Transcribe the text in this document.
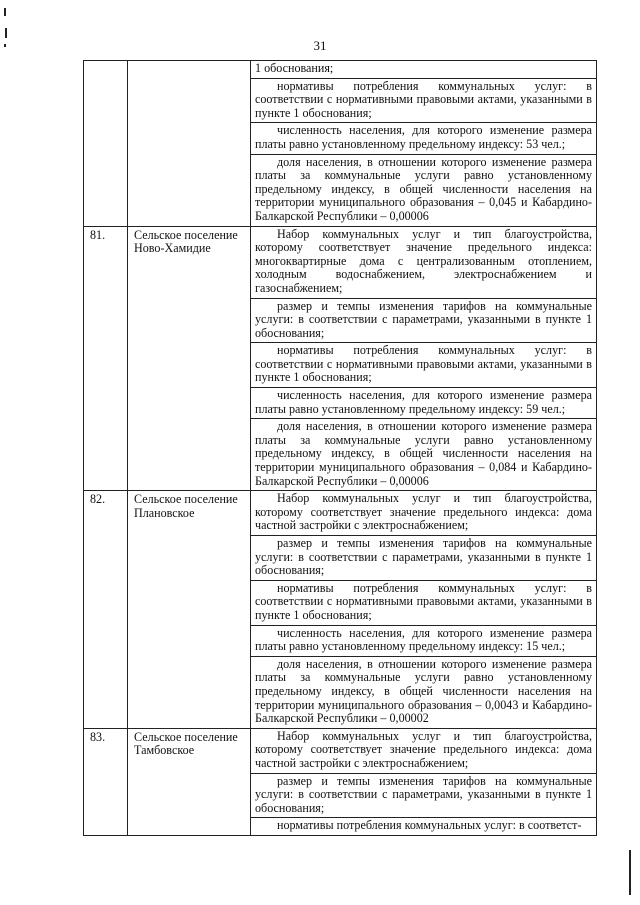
31

		1 обоснования;
нормативы потребления коммунальных услуг: в соответствии с нормативными правовыми актами, указанными в пункте 1 обоснования;
численность населения, для которого изменение размера платы равно установленному предельному индексу: 53 чел.;
доля населения, в отношении которого изменение размера платы за коммунальные услуги равно установленному предельному индексу, в общей численности населения на территории муниципального образования – 0,045 и Кабардино-Балкарской Республики – 0,00006

81.	Сельское поселение Ново-Хамидие	Набор коммунальных услуг и тип благоустройства, которому соответствует значение предельного индекса: многоквартирные дома с централизованным отоплением, холодным водоснабжением, электроснабжением и газоснабжением;
размер и темпы изменения тарифов на коммунальные услуги: в соответствии с параметрами, указанными в пункте 1 обоснования;
нормативы потребления коммунальных услуг: в соответствии с нормативными правовыми актами, указанными в пункте 1 обоснования;
численность населения, для которого изменение размера платы равно установленному предельному индексу: 59 чел.;
доля населения, в отношении которого изменение размера платы за коммунальные услуги равно установленному предельному индексу, в общей численности населения на территории муниципального образования – 0,084 и Кабардино-Балкарской Республики – 0,00006

82.	Сельское поселение Плановское	Набор коммунальных услуг и тип благоустройства, которому соответствует значение предельного индекса: дома частной застройки с электроснабжением;
размер и темпы изменения тарифов на коммунальные услуги: в соответствии с параметрами, указанными в пункте 1 обоснования;
нормативы потребления коммунальных услуг: в соответствии с нормативными правовыми актами, указанными в пункте 1 обоснования;
численность населения, для которого изменение размера платы равно установленному предельному индексу: 15 чел.;
доля населения, в отношении которого изменение размера платы за коммунальные услуги равно установленному предельному индексу, в общей численности населения на территории муниципального образования – 0,0043 и Кабардино-Балкарской Республики – 0,00002

83.	Сельское поселение Тамбовское	Набор коммунальных услуг и тип благоустройства, которому соответствует значение предельного индекса: дома частной застройки с электроснабжением;
размер и темпы изменения тарифов на коммунальные услуги: в соответствии с параметрами, указанными в пункте 1 обоснования;
нормативы потребления коммунальных услуг: в соответст-
